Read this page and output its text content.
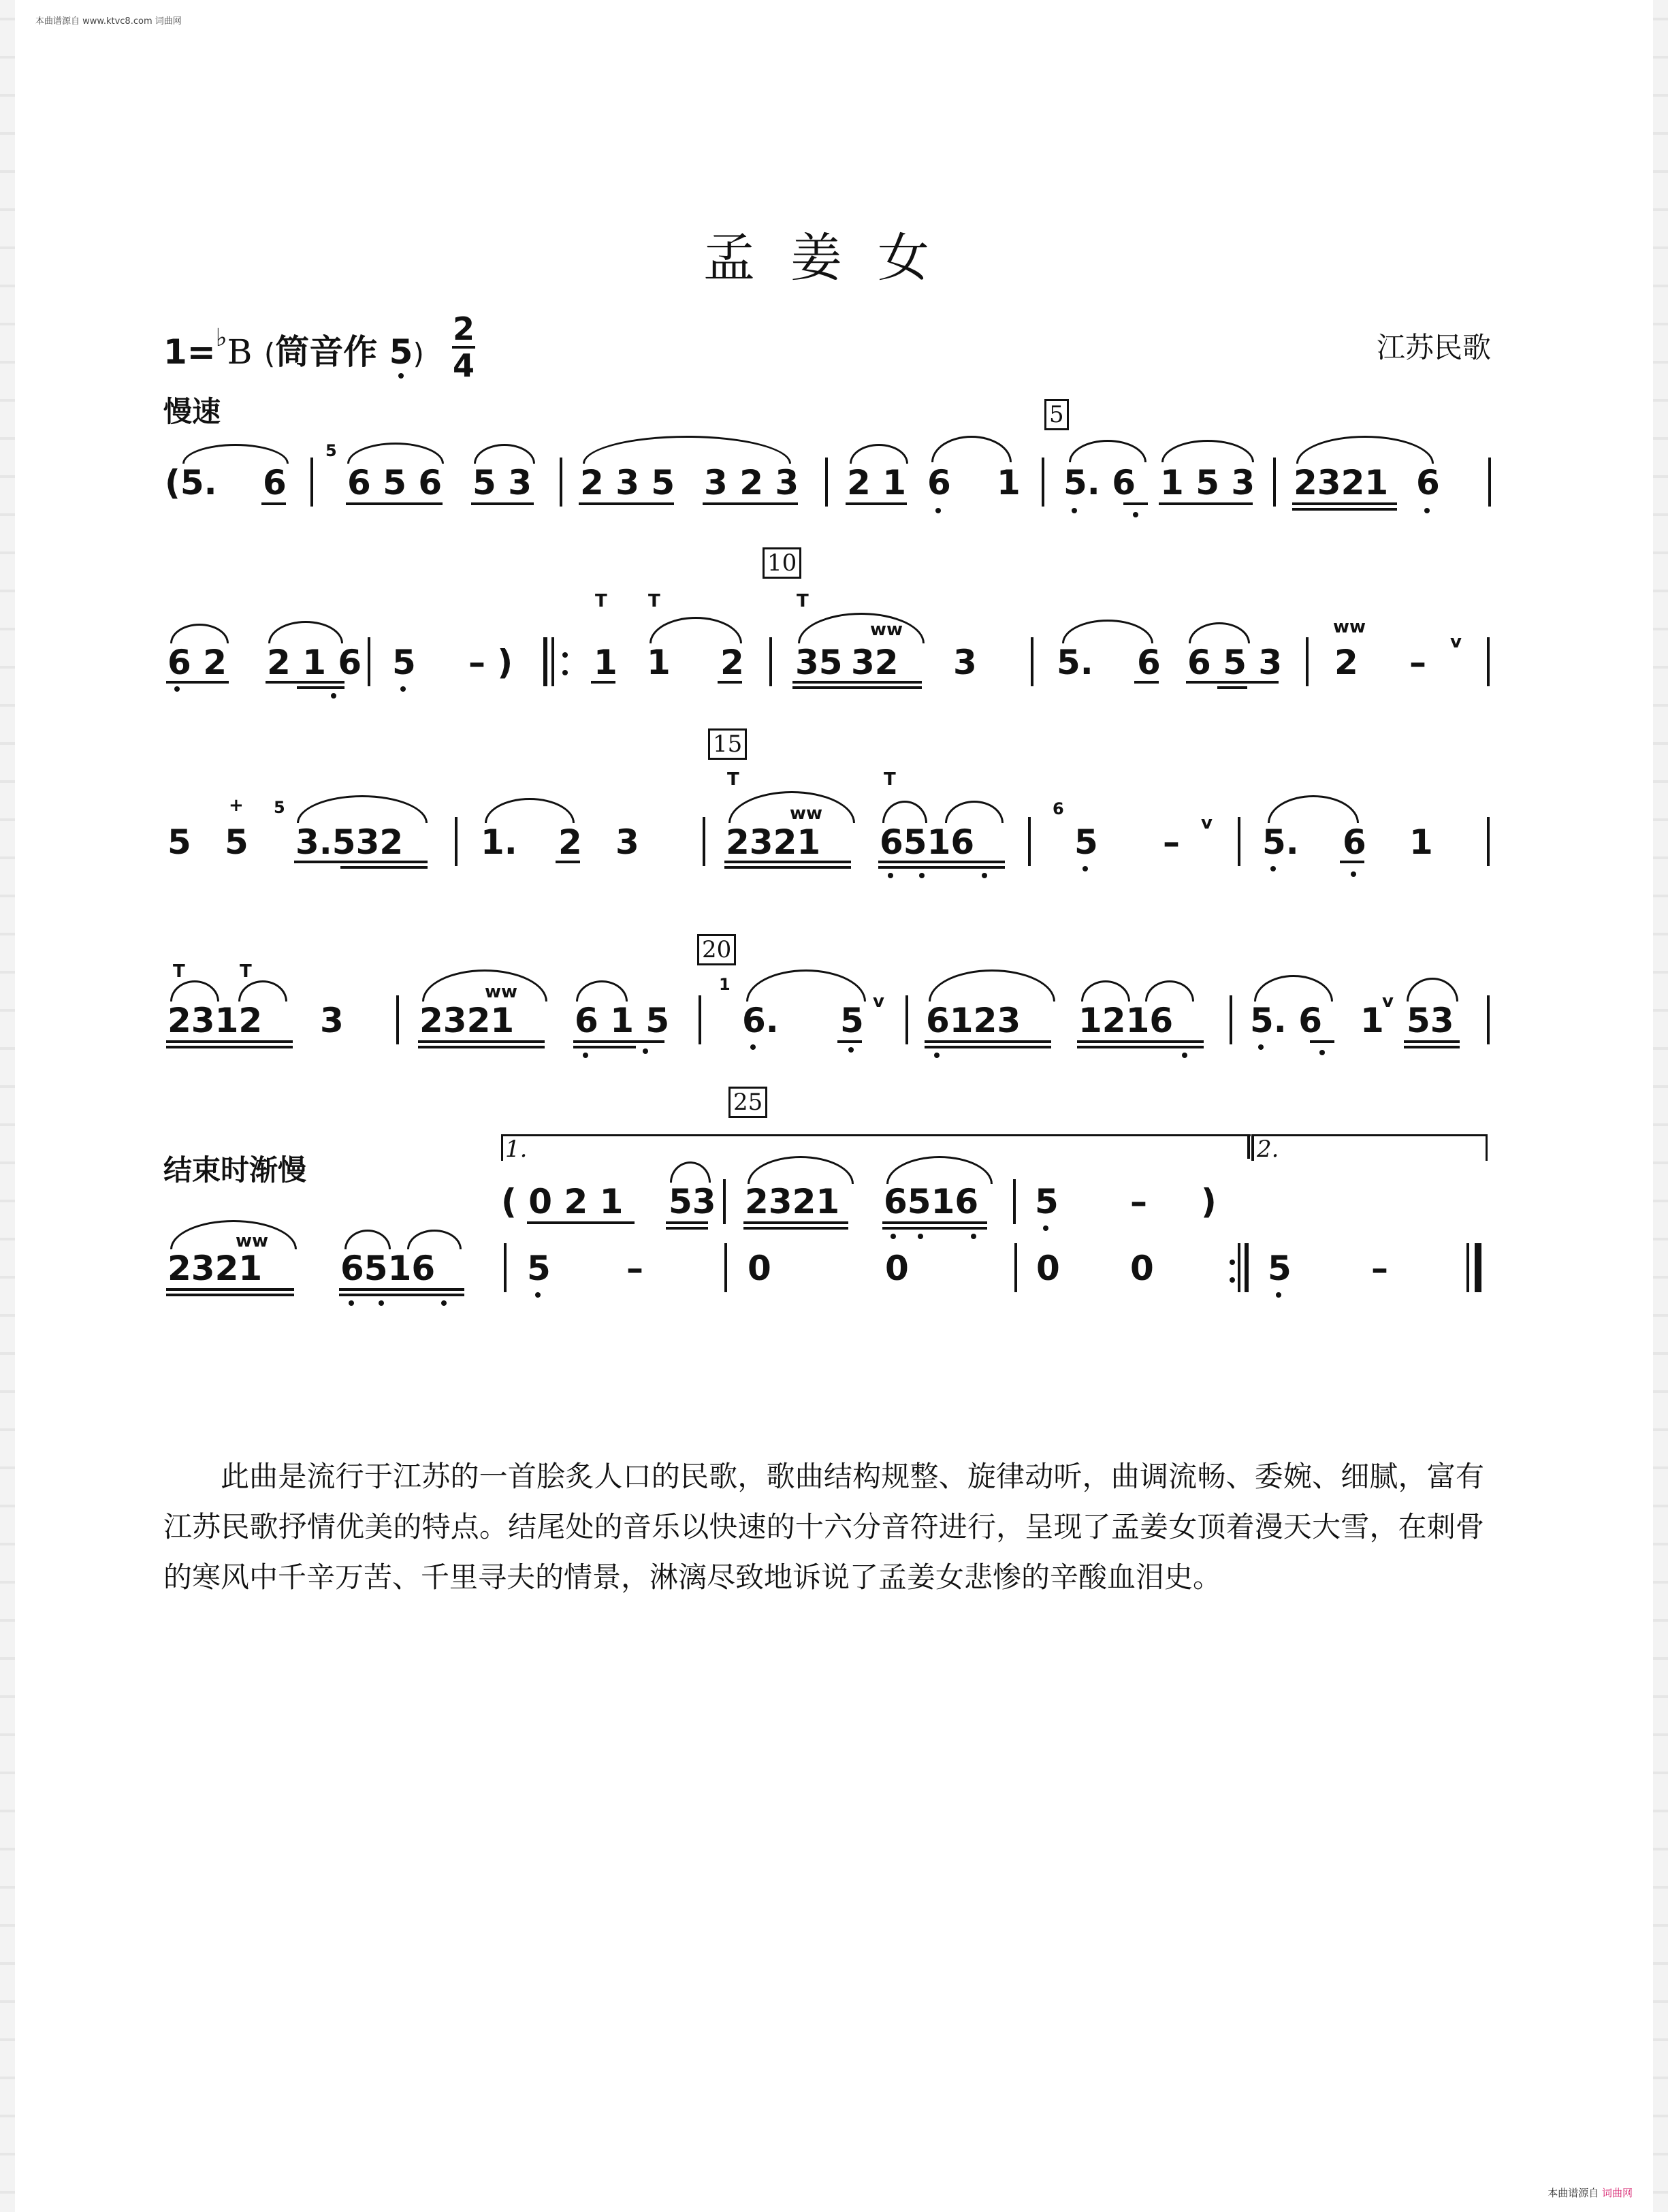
本曲谱源自 www.ktvc8.com 词曲网
本曲谱源自 词曲网
孟姜女
1=♭B (筒音作 5)
2
4	江苏民歌
慢速	5
10
15
20
25
(5. 6
5
6 5 6 5 3 2 3 5 3 2 3 2 1 6 1 5. 6 1 5 3 2321 6
6 2 2 1 6 5 – )
T T
1 1 2
T
35 32
ww
3 5. 6 6 5 3
ww
2 –
v
5 5
+ 5
3.532 1. 2 3
T
2321
ww
T
6516
6
5 – v 5. 6 1
T	T
2312 3 2321
ww
6 1 5
1
6. 5 v 6123 1216 5. 6 1
v 53
结束时渐慢
1.	2.
( 0 2 1 53 2321 6516 5 – )
2321
ww
6516	5 –	0	0	0 0	5 –

此曲是流行于江苏的一首脍炙人口的民歌，歌曲结构规整、旋律动听，曲调流畅、委婉、细腻，富有江苏民歌抒情优美的特点。结尾处的音乐以快速的十六分音符进行，呈现了孟姜女顶着漫天大雪，在刺骨的寒风中千辛万苦、千里寻夫的情景，淋漓尽致地诉说了孟姜女悲惨的辛酸血泪史。
